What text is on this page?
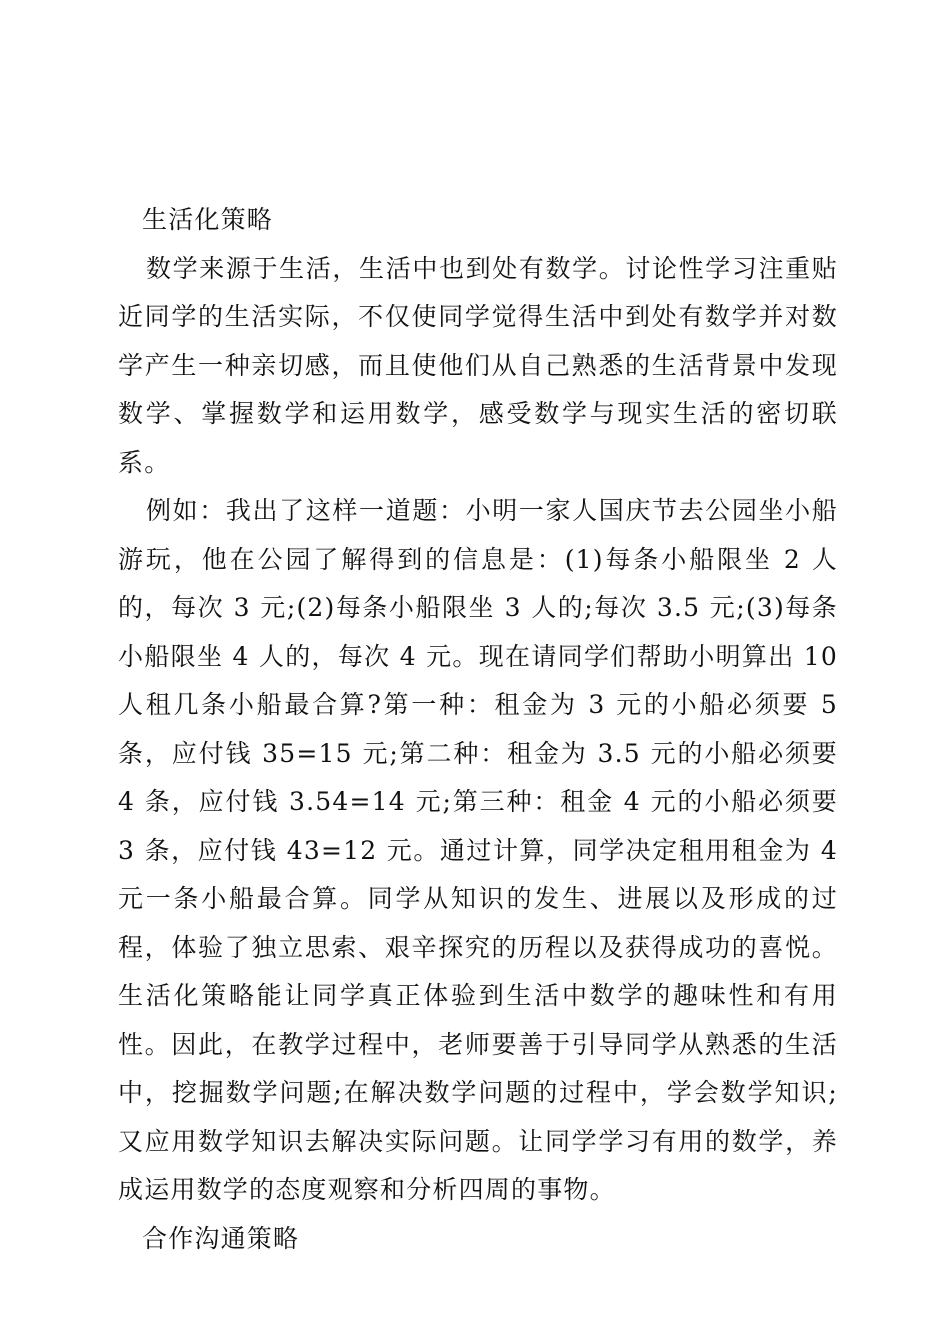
生活化策略

数学来源于生活，生活中也到处有数学。讨论性学习注重贴近同学的生活实际，不仅使同学觉得生活中到处有数学并对数学产生一种亲切感，而且使他们从自己熟悉的生活背景中发现数学、掌握数学和运用数学，感受数学与现实生活的密切联系。

例如：我出了这样一道题：小明一家人国庆节去公园坐小船游玩，他在公园了解得到的信息是：(1)每条小船限坐 2 人的，每次 3 元;(2)每条小船限坐 3 人的;每次 3.5 元;(3)每条小船限坐 4 人的，每次 4 元。现在请同学们帮助小明算出 10 人租几条小船最合算?第一种：租金为 3 元的小船必须要 5 条，应付钱 35=15 元;第二种：租金为 3.5 元的小船必须要 4 条，应付钱 3.54=14 元;第三种：租金 4 元的小船必须要 3 条，应付钱 43=12 元。通过计算，同学决定租用租金为 4 元一条小船最合算。同学从知识的发生、进展以及形成的过程，体验了独立思索、艰辛探究的历程以及获得成功的喜悦。生活化策略能让同学真正体验到生活中数学的趣味性和有用性。因此，在教学过程中，老师要善于引导同学从熟悉的生活中，挖掘数学问题;在解决数学问题的过程中，学会数学知识;又应用数学知识去解决实际问题。让同学学习有用的数学，养成运用数学的态度观察和分析四周的事物。

合作沟通策略
